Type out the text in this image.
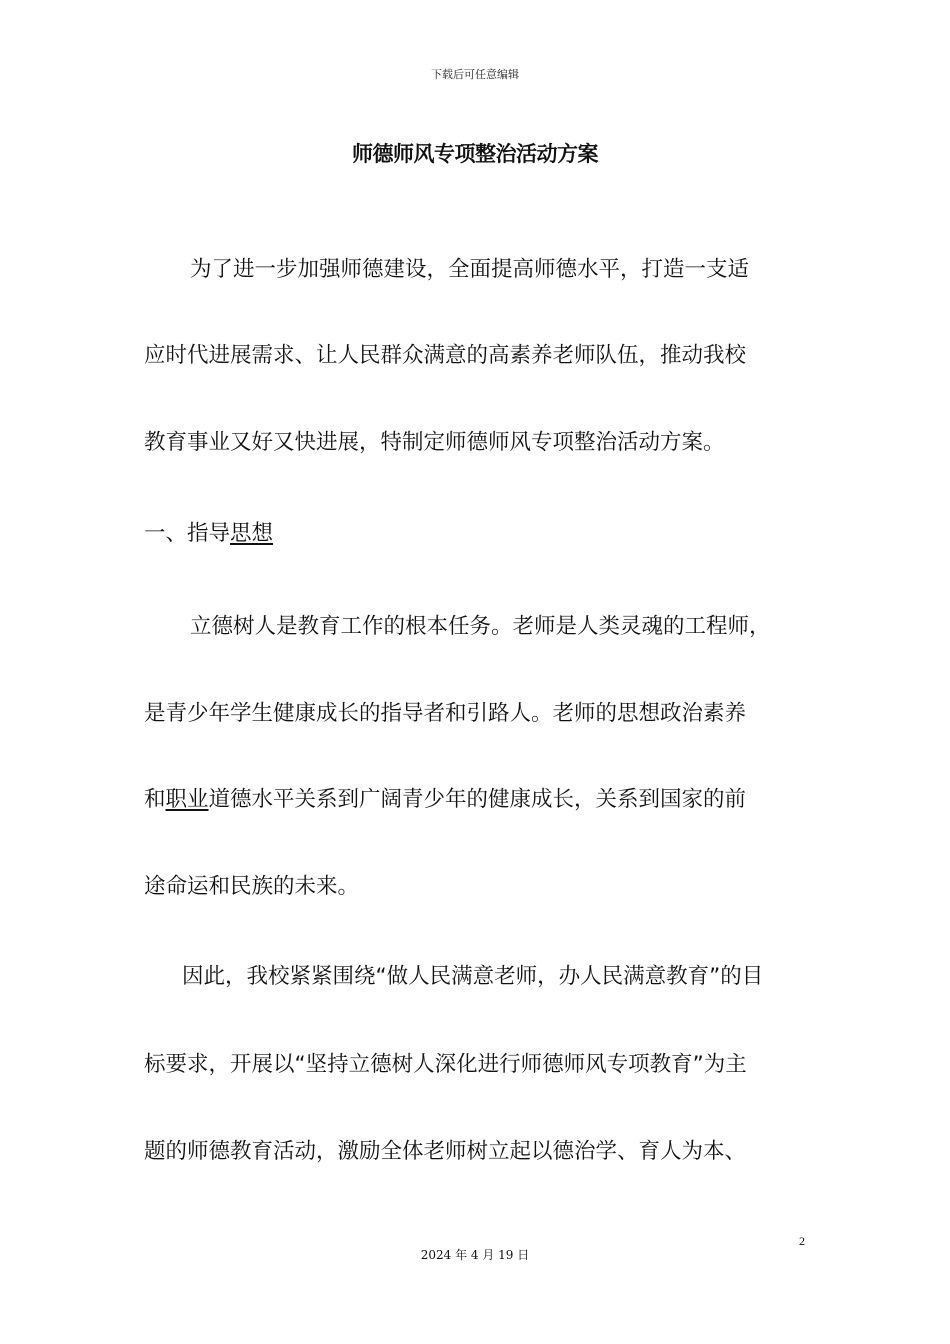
下载后可任意编辑
师德师风专项整治活动方案
为了进一步加强师德建设，全面提高师德水平，打造一支适
应时代进展需求、让人民群众满意的高素养老师队伍，推动我校
教育事业又好又快进展，特制定师德师风专项整治活动方案。
一、指导思想
立德树人是教育工作的根本任务。老师是人类灵魂的工程师，
是青少年学生健康成长的指导者和引路人。老师的思想政治素养
和职业道德水平关系到广阔青少年的健康成长，关系到国家的前
途命运和民族的未来。
因此，我校紧紧围绕“做人民满意老师，办人民满意教育”的目
标要求，开展以“坚持立德树人深化进行师德师风专项教育”为主
题的师德教育活动，激励全体老师树立起以德治学、育人为本、
2
2024 年 4 月 19 日
